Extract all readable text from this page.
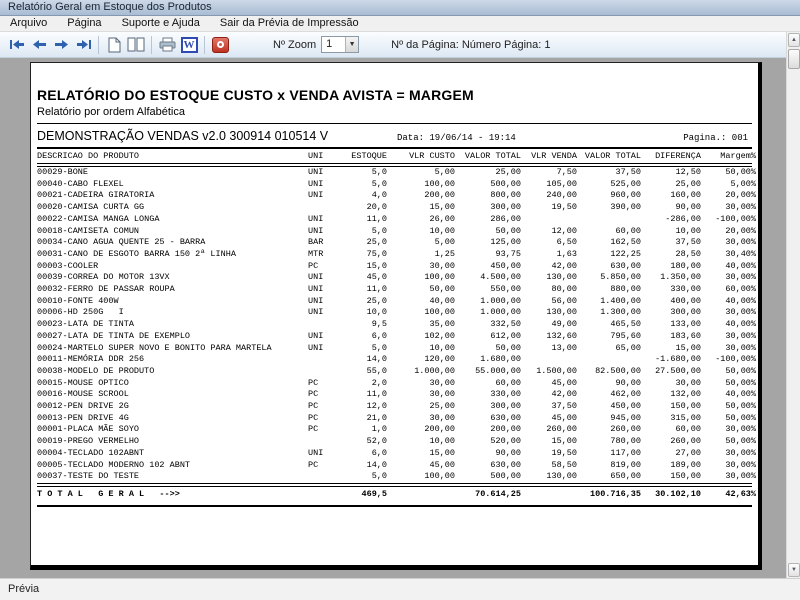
Relatório Geral em Estoque dos Produtos
Arquivo	Página	Suporte e Ajuda	Sair da Prévia de Impressão
W	Nº Zoom 1	▼	Nº da Página: Número Página: 1
RELATÓRIO DO ESTOQUE CUSTO x VENDA AVISTA = MARGEM
Relatório por ordem Alfabética
DEMONSTRAÇÃO VENDAS v2.0 300914 010514 V	Data: 19/06/14 - 19:14	Pagina.: 001
DESCRICAO DO PRODUTO	UNI	ESTOQUE	VLR CUSTO	VALOR TOTAL	VLR VENDA	VALOR TOTAL	DIFERENÇA	Margem%
00029-BONE	UNI	5,0	5,00	25,00	7,50	37,50	12,50	50,00%
00040-CABO FLEXEL	UNI	5,0	100,00	500,00	105,00	525,00	25,00	5,00%
00021-CADEIRA GIRATORIA	UNI	4,0	200,00	800,00	240,00	960,00	160,00	20,00%
00020-CAMISA CURTA GG		20,0	15,00	300,00	19,50	390,00	90,00	30,00%
00022-CAMISA MANGA LONGA	UNI	11,0	26,00	286,00			-286,00	-100,00%
00018-CAMISETA COMUN	UNI	5,0	10,00	50,00	12,00	60,00	10,00	20,00%
00034-CANO AGUA QUENTE 25 - BARRA	BAR	25,0	5,00	125,00	6,50	162,50	37,50	30,00%
00031-CANO DE ESGOTO BARRA 150 2ª LINHA	MTR	75,0	1,25	93,75	1,63	122,25	28,50	30,40%
00003-COOLER	PC	15,0	30,00	450,00	42,00	630,00	180,00	40,00%
00039-CORREA DO MOTOR 13VX	UNI	45,0	100,00	4.500,00	130,00	5.850,00	1.350,00	30,00%
00032-FERRO DE PASSAR ROUPA	UNI	11,0	50,00	550,00	80,00	880,00	330,00	60,00%
00010-FONTE 400W	UNI	25,0	40,00	1.000,00	56,00	1.400,00	400,00	40,00%
00006-HD 250G   I	UNI	10,0	100,00	1.000,00	130,00	1.300,00	300,00	30,00%
00023-LATA DE TINTA		9,5	35,00	332,50	49,00	465,50	133,00	40,00%
00027-LATA DE TINTA DE EXEMPLO	UNI	6,0	102,00	612,00	132,60	795,60	183,60	30,00%
00024-MARTELO SUPER NOVO E BONITO PARA MARTELA	UNI	5,0	10,00	50,00	13,00	65,00	15,00	30,00%
00011-MEMÓRIA DDR 256		14,0	120,00	1.680,00			-1.680,00	-100,00%
00038-MODELO DE PRODUTO		55,0	1.000,00	55.000,00	1.500,00	82.500,00	27.500,00	50,00%
00015-MOUSE OPTICO	PC	2,0	30,00	60,00	45,00	90,00	30,00	50,00%
00016-MOUSE SCROOL	PC	11,0	30,00	330,00	42,00	462,00	132,00	40,00%
00012-PEN DRIVE 2G	PC	12,0	25,00	300,00	37,50	450,00	150,00	50,00%
00013-PEN DRIVE 4G	PC	21,0	30,00	630,00	45,00	945,00	315,00	50,00%
00001-PLACA MÃE SOYO	PC	1,0	200,00	200,00	260,00	260,00	60,00	30,00%
00019-PREGO VERMELHO		52,0	10,00	520,00	15,00	780,00	260,00	50,00%
00004-TECLADO 102ABNT	UNI	6,0	15,00	90,00	19,50	117,00	27,00	30,00%
00005-TECLADO MODERNO 102 ABNT	PC	14,0	45,00	630,00	58,50	819,00	189,00	30,00%
00037-TESTE DO TESTE		5,0	100,00	500,00	130,00	650,00	150,00	30,00%
T O T A L   G E R A L   -->>	469,5		70.614,25		100.716,35	30.102,10	42,63%
▲
▼
Prévia
